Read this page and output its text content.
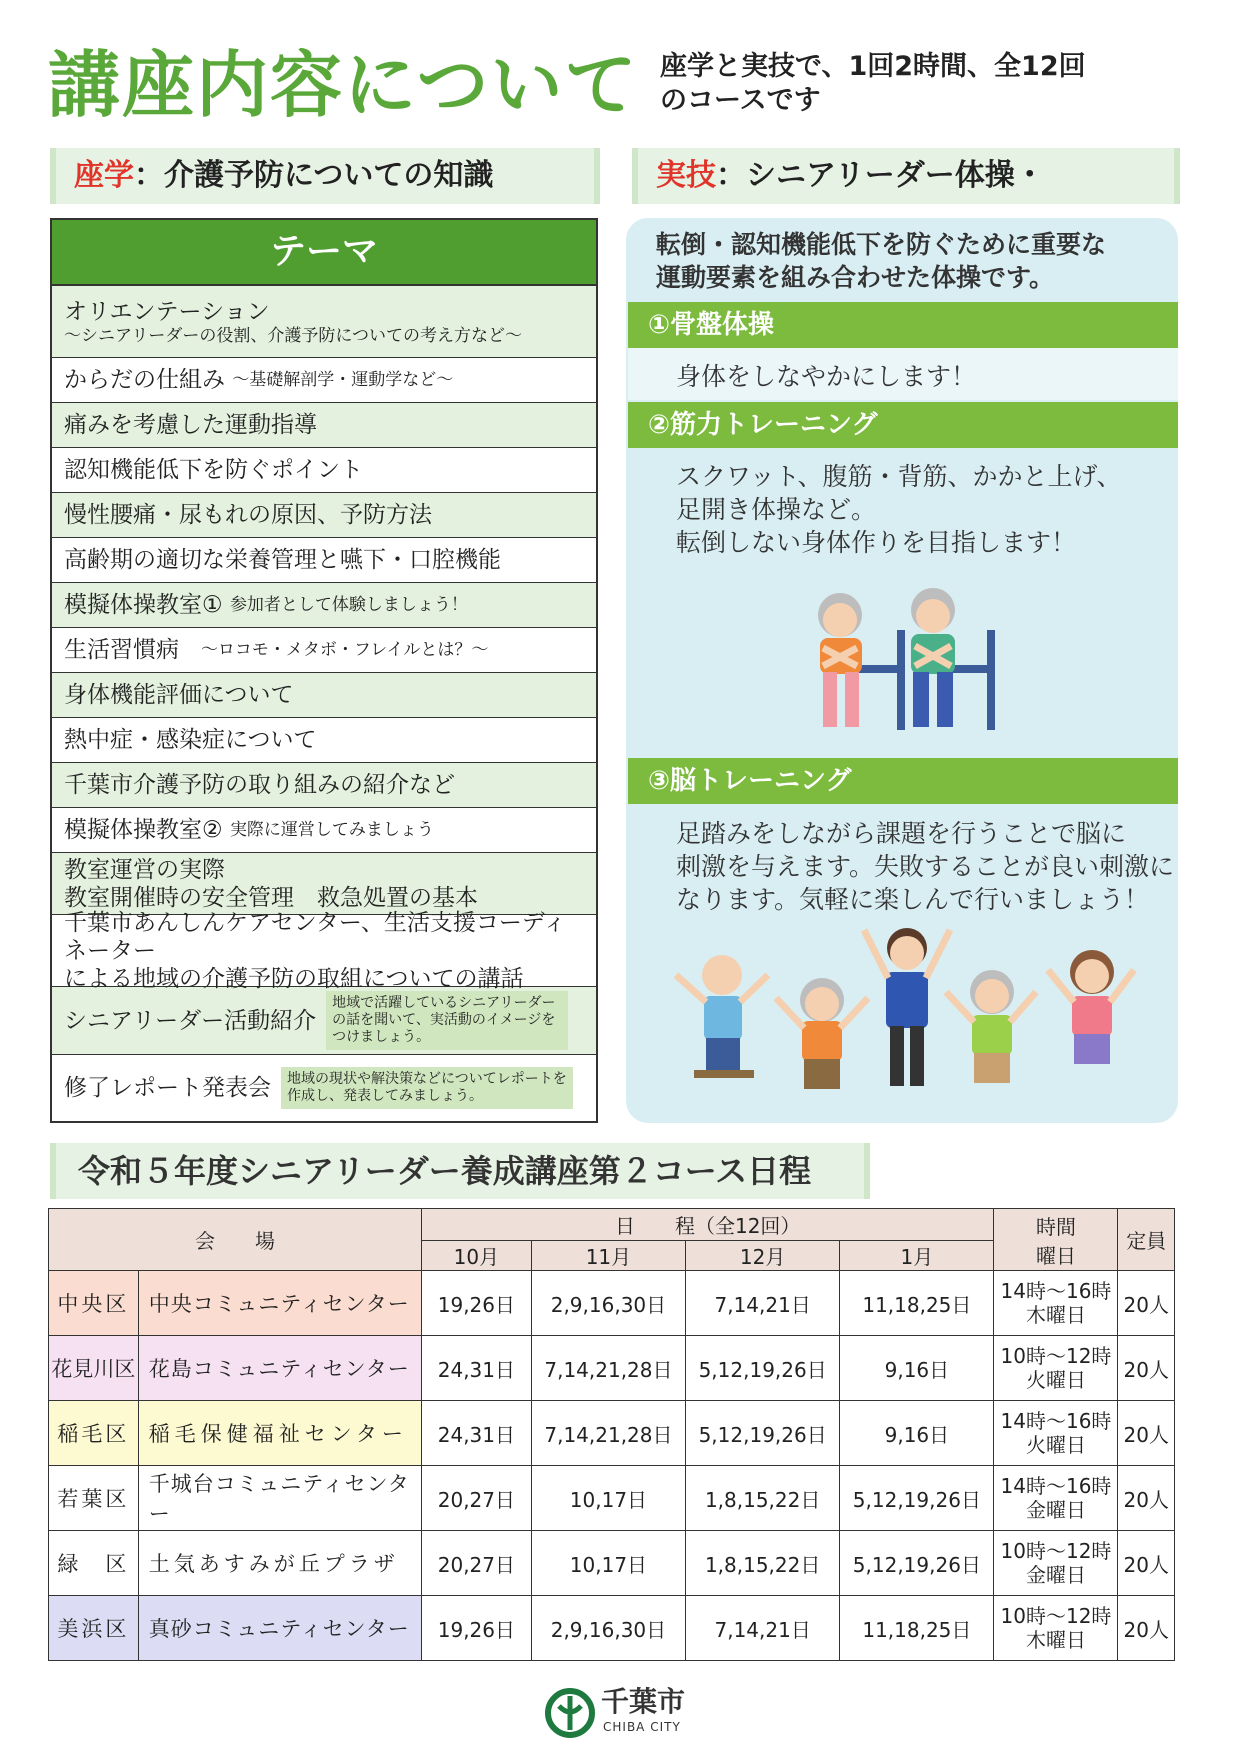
講座内容について 座学と実技で、1回2時間、全12回
のコースです
座学：介護予防についての知識	実技：シニアリーダー体操・
テーマ
オリエンテーション
～シニアリーダーの役割、介護予防についての考え方など～
からだの仕組み
～基礎解剖学・運動学など～
痛みを考慮した運動指導
認知機能低下を防ぐポイント
慢性腰痛・尿もれの原因、予防方法
高齢期の適切な栄養管理と嚥下・口腔機能
模擬体操教室①
参加者として体験しましょう！
生活習慣病
～ロコモ・メタボ・フレイルとは？～
身体機能評価について
熱中症・感染症について
千葉市介護予防の取り組みの紹介など
模擬体操教室②
実際に運営してみましょう
教室運営の実際
教室開催時の安全管理　救急処置の基本
千葉市あんしんケアセンター、生活支援コーディネーター
による地域の介護予防の取組についての講話
シニアリーダー活動紹介
地域で活躍しているシニアリーダーの話を聞いて、実活動のイメージをつけましょう。
修了レポート発表会	地域の現状や解決策などについてレポートを作成し、発表してみましょう。
転倒・認知機能低下を防ぐために重要な
運動要素を組み合わせた体操です。
①骨盤体操
身体をしなやかにします！
②筋力トレーニング
スクワット、腹筋・背筋、かかと上げ、
足開き体操など。
転倒しない身体作りを目指します！
③脳トレーニング
足踏みをしながら課題を行うことで脳に
刺激を与えます。失敗することが良い刺激に
なります。気軽に楽しんで行いましょう！
令和５年度シニアリーダー養成講座第２コース日程
会　　場		日　　程（全12回）				時間
曜日	定員
		10月	11月	12月	1月		
中央区	中央コミュニティセンター	19,26日	2,9,16,30日	7,14,21日	11,18,25日	14時～16時
木曜日	20人
花見川区	花島コミュニティセンター	24,31日	7,14,21,28日	5,12,19,26日	9,16日	10時～12時
火曜日	20人
稲毛区	稲毛保健福祉センター	24,31日	7,14,21,28日	5,12,19,26日	9,16日	14時～16時
火曜日	20人
若葉区	千城台コミュニティセンター	20,27日	10,17日	1,8,15,22日	5,12,19,26日	14時～16時
金曜日	20人
緑　区	土気あすみが丘プラザ	20,27日	10,17日	1,8,15,22日	5,12,19,26日	10時～12時
金曜日	20人
美浜区	真砂コミュニティセンター	19,26日	2,9,16,30日	7,14,21日	11,18,25日	10時～12時
木曜日	20人
千葉市
CHIBA CITY
